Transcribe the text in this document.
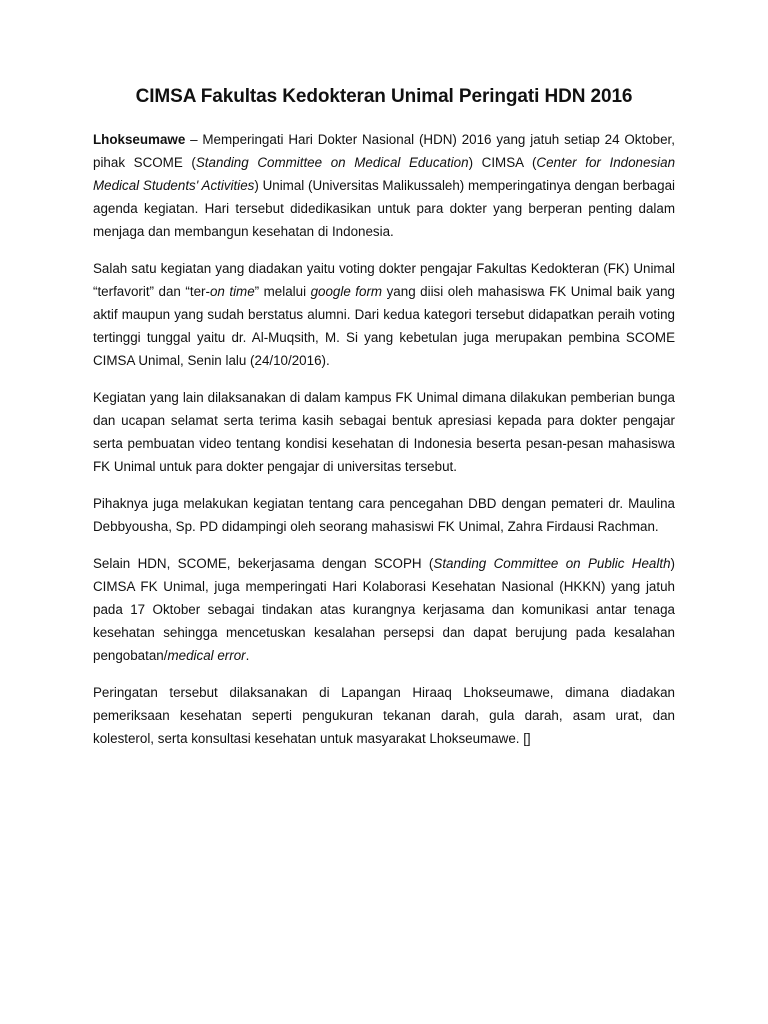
CIMSA Fakultas Kedokteran Unimal Peringati HDN 2016

Lhokseumawe – Memperingati Hari Dokter Nasional (HDN) 2016 yang jatuh setiap 24 Oktober, pihak SCOME (Standing Committee on Medical Education) CIMSA (Center for Indonesian Medical Students' Activities) Unimal (Universitas Malikussaleh) memperingatinya dengan berbagai agenda kegiatan. Hari tersebut didedikasikan untuk para dokter yang berperan penting dalam menjaga dan membangun kesehatan di Indonesia.

Salah satu kegiatan yang diadakan yaitu voting dokter pengajar Fakultas Kedokteran (FK) Unimal “terfavorit” dan “ter-on time” melalui google form yang diisi oleh mahasiswa FK Unimal baik yang aktif maupun yang sudah berstatus alumni. Dari kedua kategori tersebut didapatkan peraih voting tertinggi tunggal yaitu dr. Al-Muqsith, M. Si yang kebetulan juga merupakan pembina SCOME CIMSA Unimal, Senin lalu (24/10/2016).

Kegiatan yang lain dilaksanakan di dalam kampus FK Unimal dimana dilakukan pemberian bunga dan ucapan selamat serta terima kasih sebagai bentuk apresiasi kepada para dokter pengajar serta pembuatan video tentang kondisi kesehatan di Indonesia beserta pesan-pesan mahasiswa FK Unimal untuk para dokter pengajar di universitas tersebut.

Pihaknya juga melakukan kegiatan tentang cara pencegahan DBD dengan pemateri dr. Maulina Debbyousha, Sp. PD didampingi oleh seorang mahasiswi FK Unimal, Zahra Firdausi Rachman.

Selain HDN, SCOME, bekerjasama dengan SCOPH (Standing Committee on Public Health) CIMSA FK Unimal, juga memperingati Hari Kolaborasi Kesehatan Nasional (HKKN) yang jatuh pada 17 Oktober sebagai tindakan atas kurangnya kerjasama dan komunikasi antar tenaga kesehatan sehingga mencetuskan kesalahan persepsi dan dapat berujung pada kesalahan pengobatan/medical error.

Peringatan tersebut dilaksanakan di Lapangan Hiraaq Lhokseumawe, dimana diadakan pemeriksaan kesehatan seperti pengukuran tekanan darah, gula darah, asam urat, dan kolesterol, serta konsultasi kesehatan untuk masyarakat Lhokseumawe. []
